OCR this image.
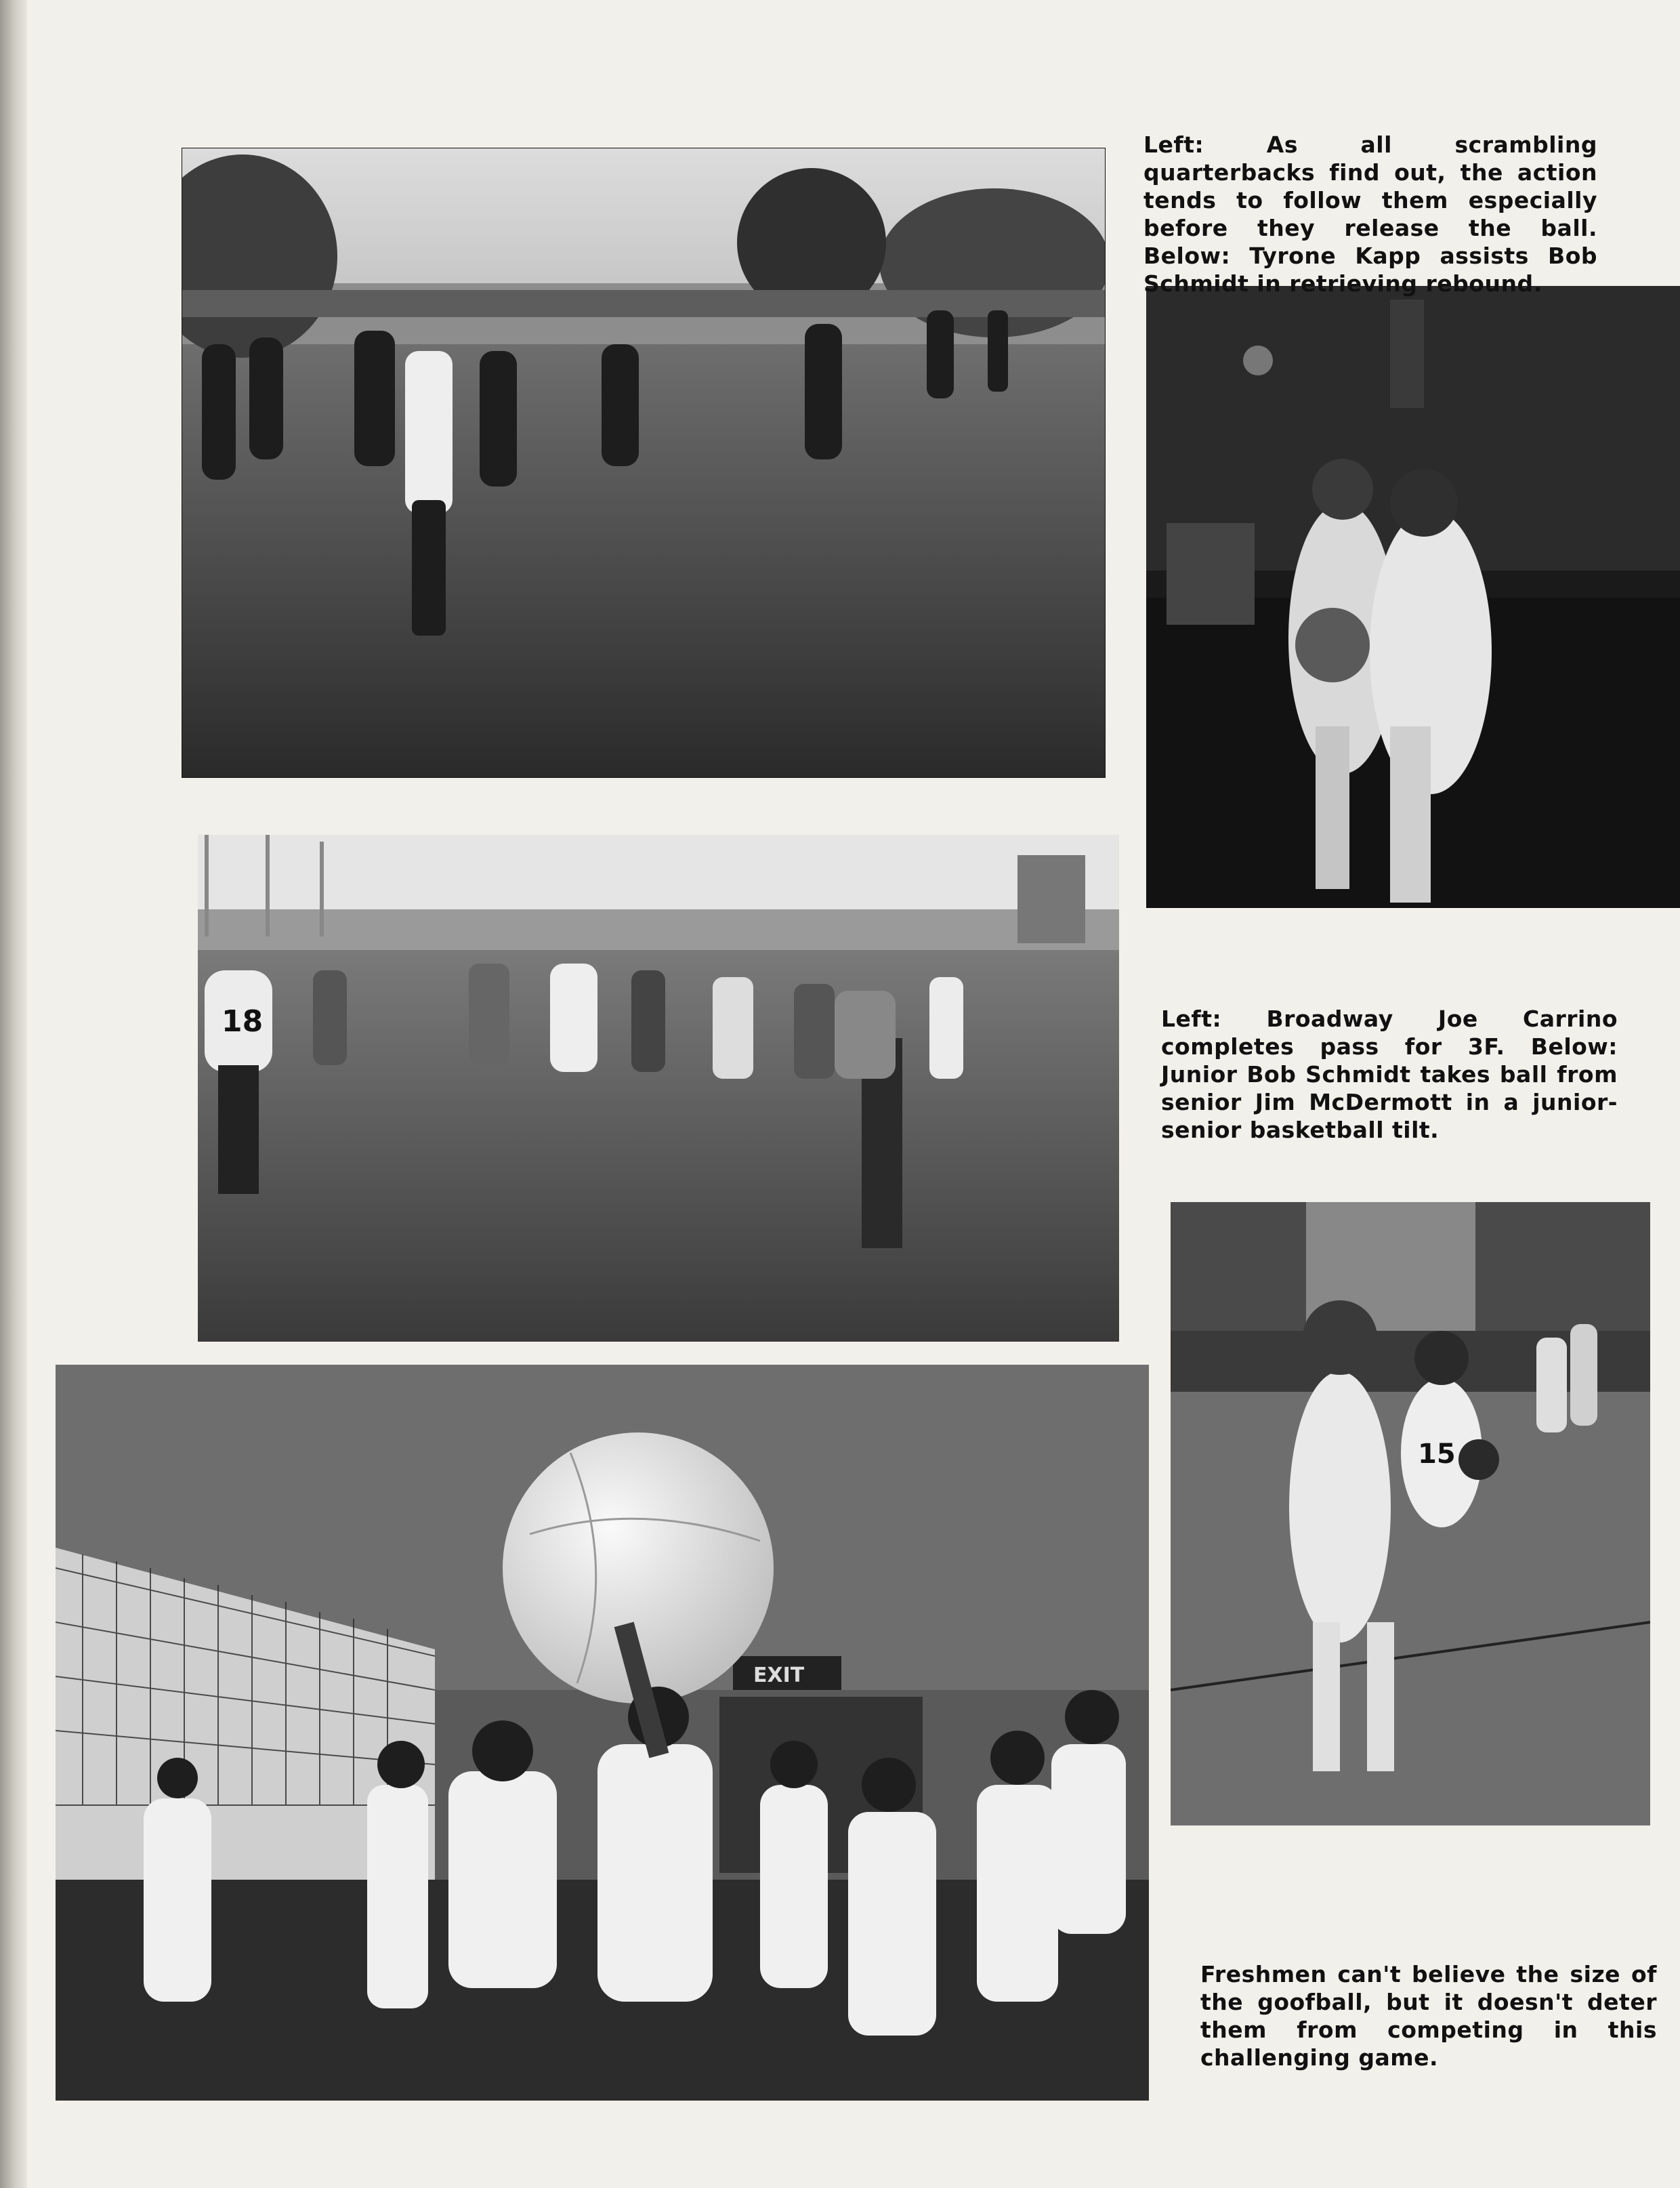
Left: As all scrambling quarterbacks find out, the action tends to follow them especially before they release the ball. Below: Tyrone Kapp assists Bob Schmidt in retrieving rebound.
18	Left: Broadway Joe Carrino completes pass for 3F. Below: Junior Bob Schmidt takes ball from senior Jim McDermott in a junior-senior basketball tilt.
15
EXIT
Freshmen can't believe the size of the goofball, but it doesn't deter them from competing in this challenging game.
